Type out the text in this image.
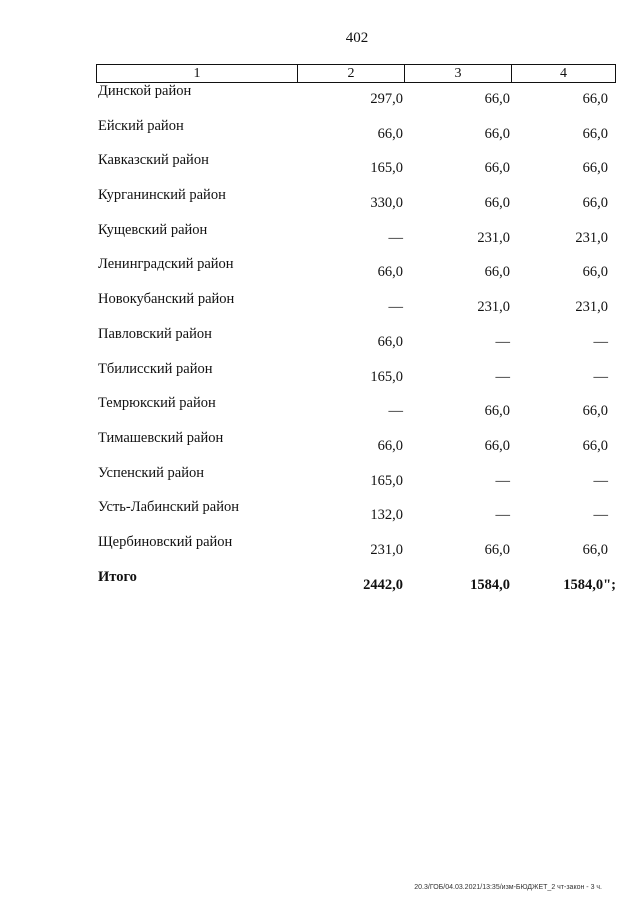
402
1	2	3	4
Динской район	297,0	66,0	66,0
Ейский район	66,0	66,0	66,0
Кавказский район	165,0	66,0	66,0
Курганинский район	330,0	66,0	66,0
Кущевский район	—	231,0	231,0
Ленинградский район	66,0	66,0	66,0
Новокубанский район	—	231,0	231,0
Павловский район	66,0	—	—
Тбилисский район	165,0	—	—
Темрюкский район	—	66,0	66,0
Тимашевский район	66,0	66,0	66,0
Успенский район	165,0	—	—
Усть-Лабинский район	132,0	—	—
Щербиновский район	231,0	66,0	66,0
Итого	2442,0	1584,0	1584,0";
20.3/ГОБ/04.03.2021/13:35/изм-БЮДЖЕТ_2 чт-закон - 3 ч.
